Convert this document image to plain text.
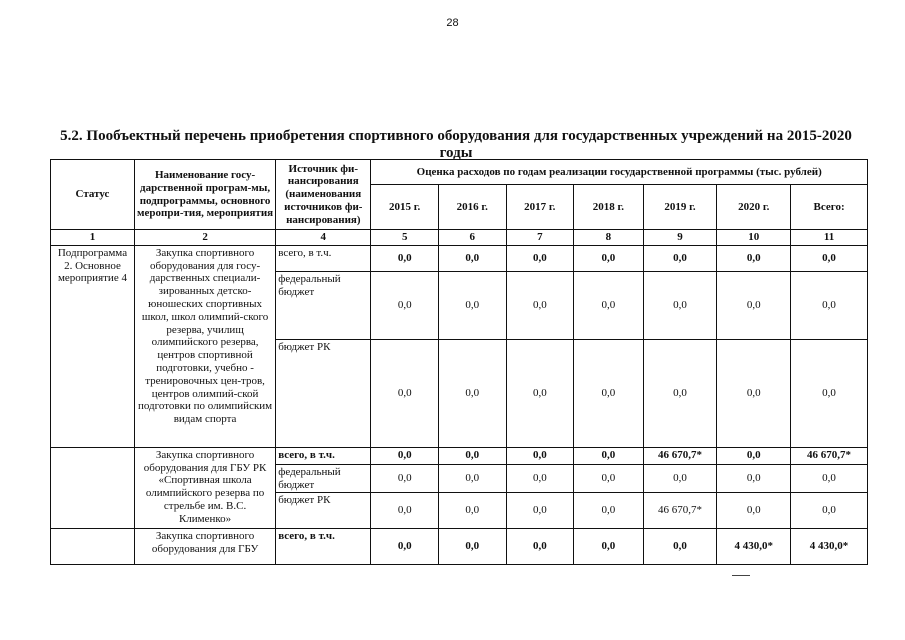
28
5.2. Пообъектный перечень приобретения спортивного оборудования для государственных учреждений на 2015-2020 годы
Статус	Наименование госу-дарственной програм-мы, подпрограммы, основного меропри-тия, мероприятия	Источник фи-нансирования (наименования источников фи-нансирования)	Оценка расходов по годам реализации государственной программы (тыс. рублей)						
			2015 г.	2016 г.	2017 г.	2018 г.	2019 г.	2020 г.	Всего:
1	2	4	5	6	7	8	9	10	11
Подпрограмма 2. Основное мероприятие 4	Закупка спортивного оборудования для госу-дарственных специали-зированных детско-юношеских спортивных школ, школ олимпий-ского резерва, училищ олимпийского резерва, центров спортивной подготовки, учебно - тренировочных цен-тров, центров олимпий-ской подготовки по олимпийским видам спорта	всего, в т.ч.	0,0	0,0	0,0	0,0	0,0	0,0	0,0
		федеральный бюджет	0,0	0,0	0,0	0,0	0,0	0,0	0,0
		бюджет РК	0,0	0,0	0,0	0,0	0,0	0,0	0,0
	Закупка спортивного оборудования для ГБУ РК «Спортивная школа олимпийского резерва по стрельбе им. В.С. Клименко»	всего, в т.ч.	0,0	0,0	0,0	0,0	46 670,7*	0,0	46 670,7*
		федеральный бюджет	0,0	0,0	0,0	0,0	0,0	0,0	0,0
		бюджет РК	0,0	0,0	0,0	0,0	46 670,7*	0,0	0,0
	Закупка спортивного оборудования для ГБУ	всего, в т.ч.	0,0	0,0	0,0	0,0	0,0	4 430,0*	4 430,0*
